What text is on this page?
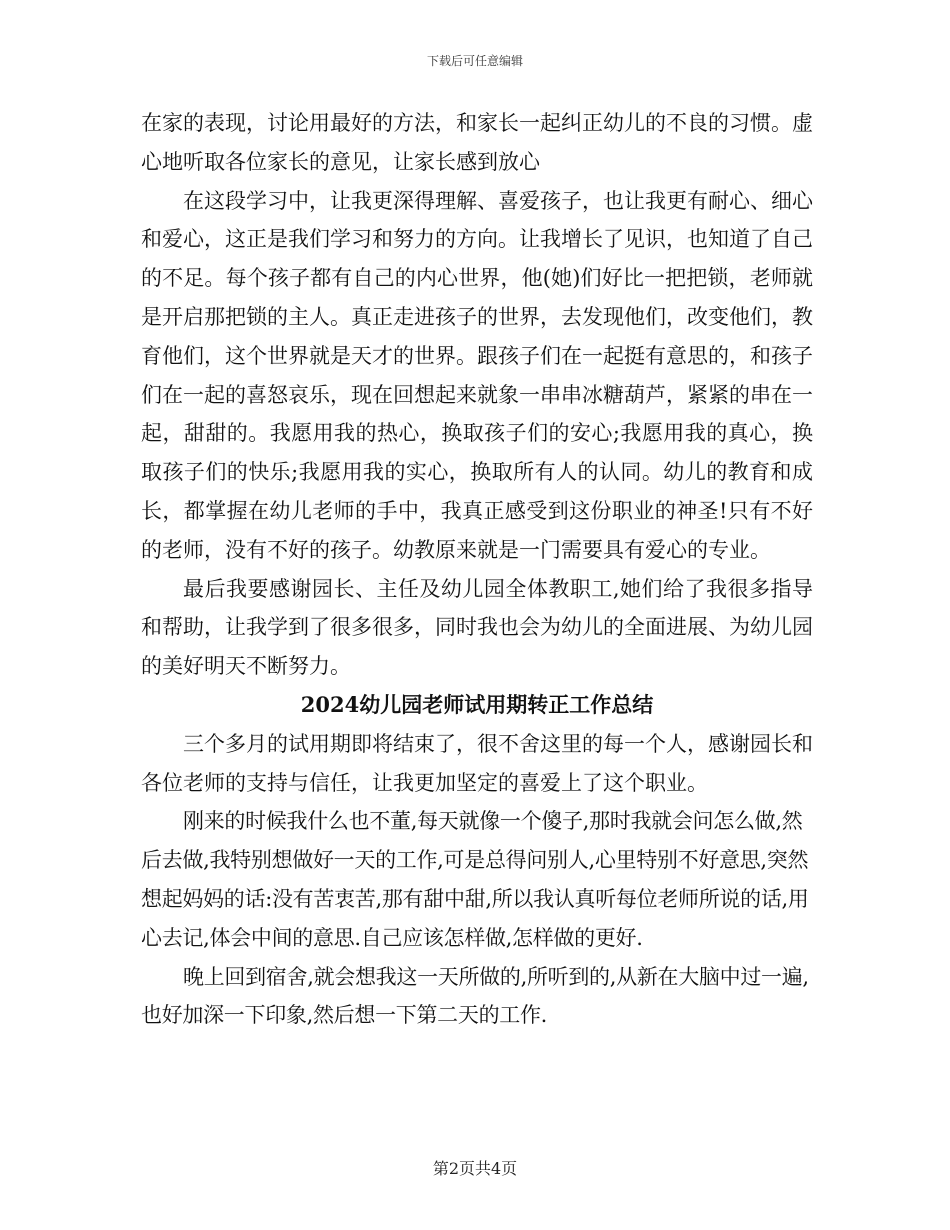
下载后可任意编辑

在家的表现，讨论用最好的方法，和家长一起纠正幼儿的不良的习惯。虚心地听取各位家长的意见，让家长感到放心

在这段学习中，让我更深得理解、喜爱孩子，也让我更有耐心、细心和爱心，这正是我们学习和努力的方向。让我增长了见识，也知道了自己的不足。每个孩子都有自己的内心世界，他(她)们好比一把把锁，老师就是开启那把锁的主人。真正走进孩子的世界，去发现他们，改变他们，教育他们，这个世界就是天才的世界。跟孩子们在一起挺有意思的，和孩子们在一起的喜怒哀乐，现在回想起来就象一串串冰糖葫芦，紧紧的串在一起，甜甜的。我愿用我的热心，换取孩子们的安心;我愿用我的真心，换取孩子们的快乐;我愿用我的实心，换取所有人的认同。幼儿的教育和成长，都掌握在幼儿老师的手中，我真正感受到这份职业的神圣!只有不好的老师，没有不好的孩子。幼教原来就是一门需要具有爱心的专业。

最后我要感谢园长、主任及幼儿园全体教职工,她们给了我很多指导和帮助，让我学到了很多很多，同时我也会为幼儿的全面进展、为幼儿园的美好明天不断努力。

2024幼儿园老师试用期转正工作总结

三个多月的试用期即将结束了，很不舍这里的每一个人，感谢园长和各位老师的支持与信任，让我更加坚定的喜爱上了这个职业。

刚来的时候我什么也不董,每天就像一个傻子,那时我就会问怎么做,然后去做,我特别想做好一天的工作,可是总得问别人,心里特别不好意思,突然想起妈妈的话:没有苦衷苦,那有甜中甜,所以我认真听每位老师所说的话,用心去记,体会中间的意思.自己应该怎样做,怎样做的更好.

晚上回到宿舍,就会想我这一天所做的,所听到的,从新在大脑中过一遍,也好加深一下印象,然后想一下第二天的工作.

第2页共4页
